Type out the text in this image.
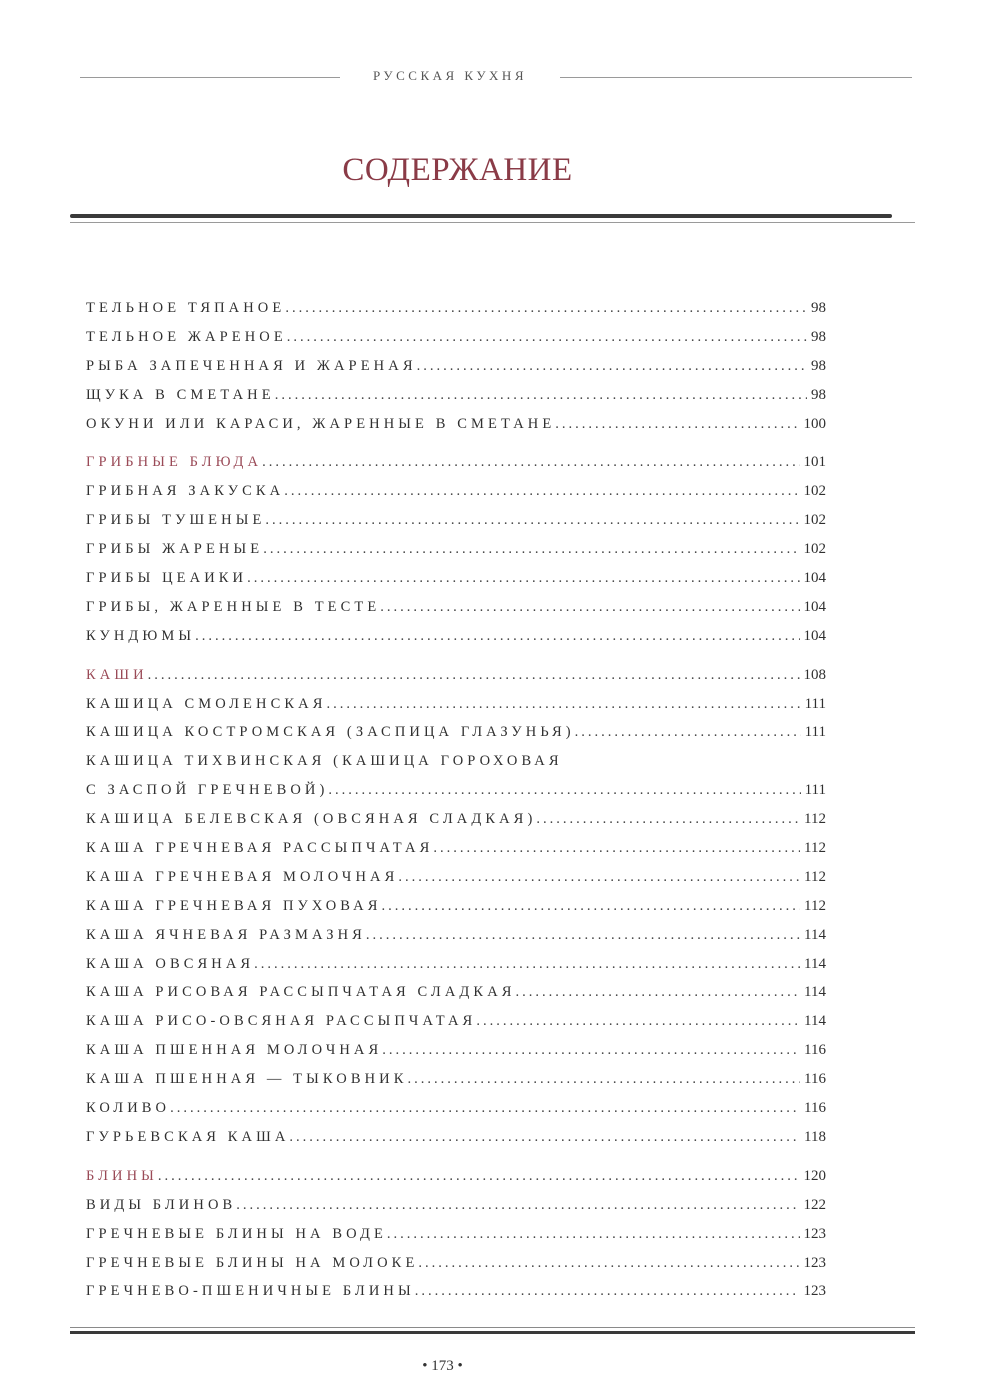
РУССКАЯ КУХНЯ
СОДЕРЖАНИЕ
ТЕЛЬНОЕ ТЯПАНОЕ .....	98
ТЕЛЬНОЕ ЖАРЕНОЕ .....	98
РЫБА ЗАПЕЧЕННАЯ И ЖАРЕНАЯ .....	98
ЩУКА В СМЕТАНЕ .....	98
ОКУНИ ИЛИ КАРАСИ, ЖАРЕННЫЕ В СМЕТАНЕ .....	100
ГРИБНЫЕ БЛЮДА .....	101
ГРИБНАЯ ЗАКУСКА .....	102
ГРИБЫ ТУШЕНЫЕ .....	102
ГРИБЫ ЖАРЕНЫЕ .....	102
ГРИБЫ ЦЕАИКИ .....	104
ГРИБЫ, ЖАРЕННЫЕ В ТЕСТЕ .....	104
КУНДЮМЫ .....	104
КАШИ .....	108
КАШИЦА СМОЛЕНСКАЯ .....	111
КАШИЦА КОСТРОМСКАЯ (ЗАСПИЦА ГЛАЗУНЬЯ) .....	111
КАШИЦА ТИХВИНСКАЯ (КАШИЦА ГОРОХОВАЯ
С ЗАСПОЙ ГРЕЧНЕВОЙ) .....	111
КАШИЦА БЕЛЕВСКАЯ (ОВСЯНАЯ СЛАДКАЯ) .....	112
КАША ГРЕЧНЕВАЯ РАССЫПЧАТАЯ .....	112
КАША ГРЕЧНЕВАЯ МОЛОЧНАЯ .....	112
КАША ГРЕЧНЕВАЯ ПУХОВАЯ .....	112
КАША ЯЧНЕВАЯ РАЗМАЗНЯ .....	114
КАША ОВСЯНАЯ .....	114
КАША РИСОВАЯ РАССЫПЧАТАЯ СЛАДКАЯ .....	114
КАША РИСО-ОВСЯНАЯ РАССЫПЧАТАЯ .....	114
КАША ПШЕННАЯ МОЛОЧНАЯ .....	116
КАША ПШЕННАЯ — ТЫКОВНИК .....	116
КОЛИВО .....	116
ГУРЬЕВСКАЯ КАША .....	118
БЛИНЫ .....	120
ВИДЫ БЛИНОВ .....	122
ГРЕЧНЕВЫЕ БЛИНЫ НА ВОДЕ .....	123
ГРЕЧНЕВЫЕ БЛИНЫ НА МОЛОКЕ .....	123
ГРЕЧНЕВО-ПШЕНИЧНЫЕ БЛИНЫ .....	123
• 173 •
